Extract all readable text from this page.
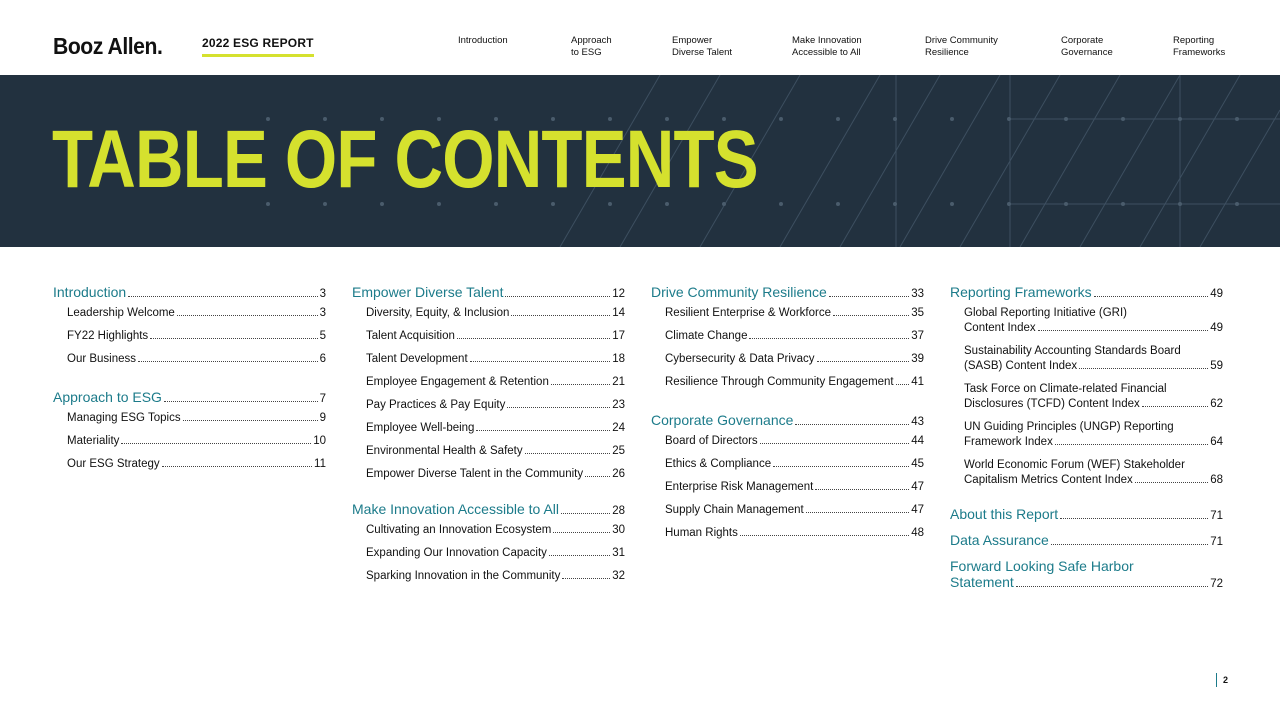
Booz Allen.	2022 ESG REPORT	Introduction	Approach
to ESG
Empower
Diverse Talent
Make Innovation
Accessible to All
Drive Community
Resilience
Corporate
Governance
Reporting
Frameworks
TABLE OF CONTENTS
Introduction	3
Leadership Welcome	3
FY22 Highlights	5
Our Business	6
Approach to ESG	7
Managing ESG Topics	9
Materiality	10
Our ESG Strategy	11
Empower Diverse Talent	12
Diversity, Equity, & Inclusion	14
Talent Acquisition	17
Talent Development	18
Employee Engagement & Retention	21
Pay Practices & Pay Equity	23
Employee Well-being	24
Environmental Health & Safety	25
Empower Diverse Talent in the Community	26
Make Innovation Accessible to All	28
Cultivating an Innovation Ecosystem	30
Expanding Our Innovation Capacity	31
Sparking Innovation in the Community	32
Drive Community Resilience	33
Resilient Enterprise & Workforce	35
Climate Change	37
Cybersecurity & Data Privacy	39
Resilience Through Community Engagement 41
Corporate Governance	43
Board of Directors	44
Ethics & Compliance	45
Enterprise Risk Management	47
Supply Chain Management	47
Human Rights	48
Reporting Frameworks	49
Global Reporting Initiative (GRI)
Content Index	49
Sustainability Accounting Standards Board
(SASB) Content Index	59
Task Force on Climate-related Financial
Disclosures (TCFD) Content Index	62
UN Guiding Principles (UNGP) Reporting
Framework Index	64
World Economic Forum (WEF) Stakeholder
Capitalism Metrics Content Index	68
About this Report	71
Data Assurance	71
Forward Looking Safe Harbor
Statement	72
2
